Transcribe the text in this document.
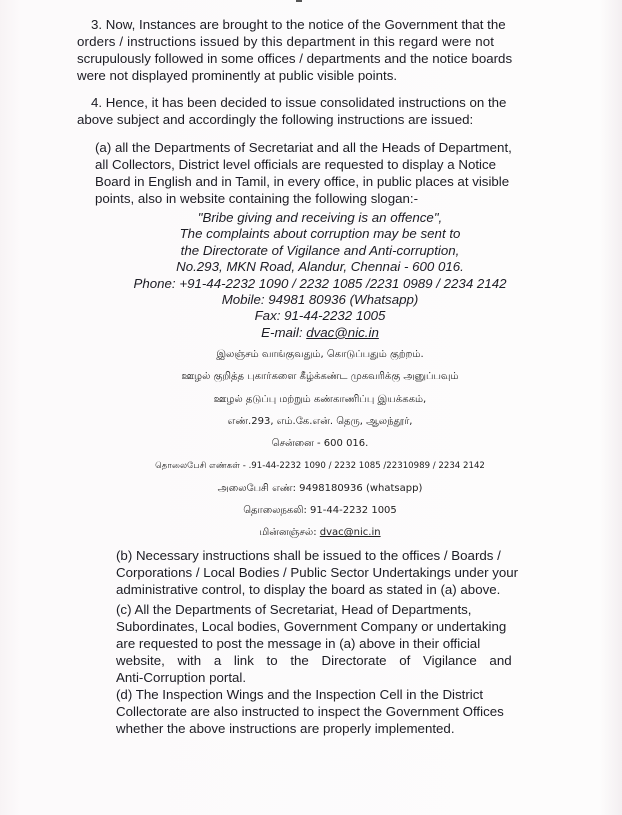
3. Now, Instances are brought to the notice of the Government that the
orders / instructions issued by this department in this regard were not
scrupulously followed in some offices / departments and the notice boards
were not displayed prominently at public visible points.
4. Hence, it has been decided to issue consolidated instructions on the
above subject and accordingly the following instructions are issued:
(a) all the Departments of Secretariat and all the Heads of Department,
all Collectors, District level officials are requested to display a Notice
Board in English and in Tamil, in every office, in public places at visible
points, also in website containing the following slogan:-
"Bribe giving and receiving is an offence",
The complaints about corruption may be sent to
the Directorate of Vigilance and Anti-corruption,
No.293, MKN Road, Alandur, Chennai - 600 016.
Phone: +91-44-2232 1090 / 2232 1085 /2231 0989 / 2234 2142
Mobile: 94981 80936 (Whatsapp)
Fax: 91-44-2232 1005
E-mail: dvac@nic.in
இலஞ்சம் வாங்குவதும், கொடுப்பதும் குற்றம்.
ஊழல் குறித்த புகார்களை கீழ்க்கண்ட முகவரிக்கு அனுப்பவும்
ஊழல் தடுப்பு மற்றும் கண்காணிப்பு இயக்ககம்,
எண்.293, எம்.கே.என். தெரு, ஆலந்தூர்,
சென்னை - 600 016.
தொலைபேசி எண்கள் - .91-44-2232 1090 / 2232 1085 /22310989 / 2234 2142
அலைபேசி எண்: 9498180936 (whatsapp)
தொலைநகலி: 91-44-2232 1005
மின்னஞ்சல்: dvac@nic.in
(b) Necessary instructions shall be issued to the offices / Boards /
Corporations / Local Bodies / Public Sector Undertakings under your
administrative control, to display the board as stated in (a) above.
(c) All the Departments of Secretariat, Head of Departments,
Subordinates, Local bodies, Government Company or undertaking
are requested to post the message in (a) above in their official
website, with a link to the Directorate of Vigilance and
Anti-Corruption portal.
(d) The Inspection Wings and the Inspection Cell in the District
Collectorate are also instructed to inspect the Government Offices
whether the above instructions are properly implemented.
